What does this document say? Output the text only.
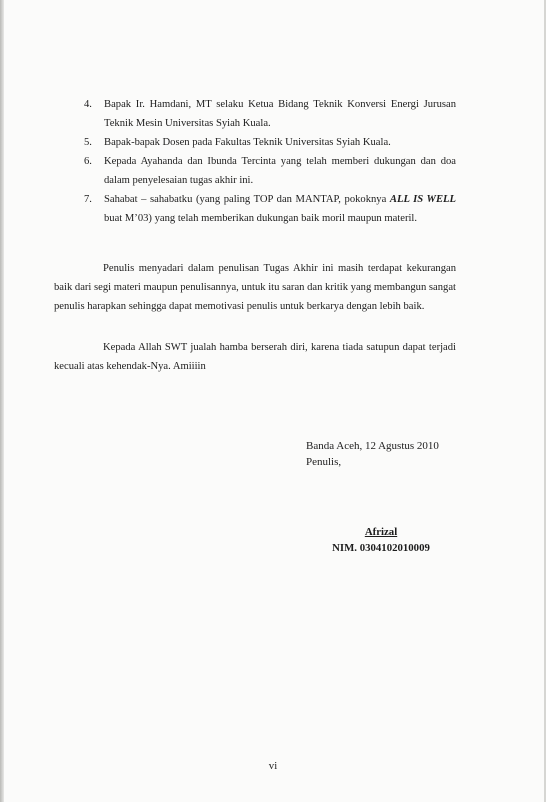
4. Bapak Ir. Hamdani, MT selaku Ketua Bidang Teknik Konversi Energi Jurusan Teknik Mesin Universitas Syiah Kuala.
5. Bapak-bapak Dosen pada Fakultas Teknik Universitas Syiah Kuala.
6. Kepada Ayahanda dan Ibunda Tercinta yang telah memberi dukungan dan doa dalam penyelesaian tugas akhir ini.
7. Sahabat – sahabatku (yang paling TOP dan MANTAP, pokoknya ALL IS WELL buat M’03) yang telah memberikan dukungan baik moril maupun materil.

Penulis menyadari dalam penulisan Tugas Akhir ini masih terdapat kekurangan baik dari segi materi maupun penulisannya, untuk itu saran dan kritik yang membangun sangat penulis harapkan sehingga dapat memotivasi penulis untuk berkarya dengan lebih baik.

Kepada Allah SWT jualah hamba berserah diri, karena tiada satupun dapat terjadi kecuali atas kehendak-Nya. Amiiiin

Banda Aceh, 12 Agustus 2010
Penulis,
Afrizal
NIM. 0304102010009
vi
